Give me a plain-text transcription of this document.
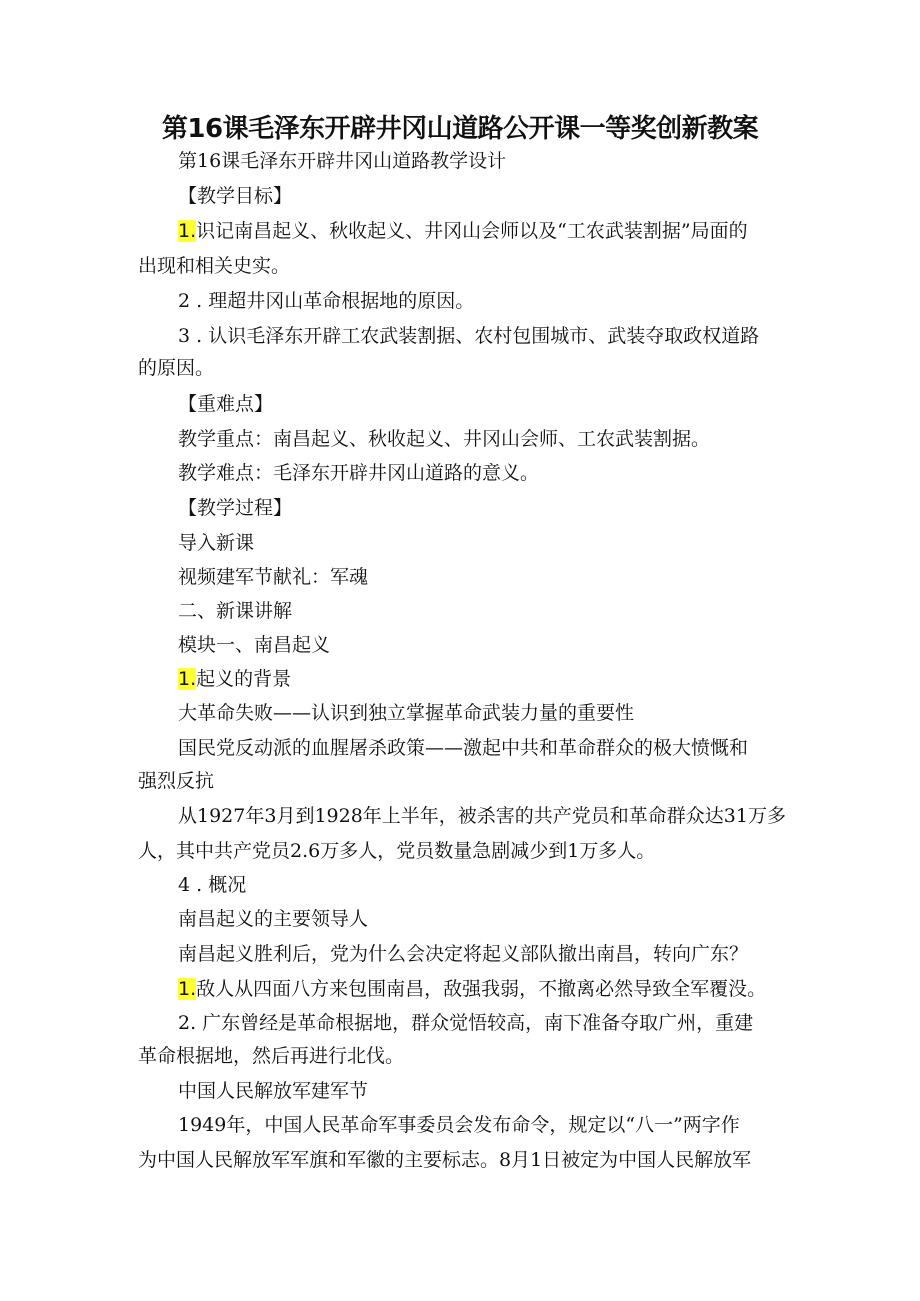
第16课毛泽东开辟井冈山道路公开课一等奖创新教案
第16课毛泽东开辟井冈山道路教学设计
【教学目标】
1.识记南昌起义、秋收起义、井冈山会师以及“工农武装割据”局面的
出现和相关史实。
2 . 理超井冈山革命根据地的原因。
3 . 认识毛泽东开辟工农武装割据、农村包围城市、武装夺取政权道路
的原因。
【重难点】
教学重点：南昌起义、秋收起义、井冈山会师、工农武装割据。
教学难点：毛泽东开辟井冈山道路的意义。
【教学过程】
导入新课
视频建军节献礼：军魂
二、新课讲解
模块一、南昌起义
1.起义的背景
大革命失败——认识到独立掌握革命武装力量的重要性
国民党反动派的血腥屠杀政策——激起中共和革命群众的极大愤慨和
强烈反抗
从1927年3月到1928年上半年，被杀害的共产党员和革命群众达31万多
人，其中共产党员2.6万多人，党员数量急剧减少到1万多人。
4 . 概况
南昌起义的主要领导人
南昌起义胜利后，党为什么会决定将起义部队撤出南昌，转向广东？
1.敌人从四面八方来包围南昌，敌强我弱，不撤离必然导致全军覆没。
2. 广东曾经是革命根据地，群众觉悟较高，南下准备夺取广州，重建
革命根据地，然后再进行北伐。
中国人民解放军建军节
1949年，中国人民革命军事委员会发布命令，规定以“八一”两字作
为中国人民解放军军旗和军徽的主要标志。8月1日被定为中国人民解放军
